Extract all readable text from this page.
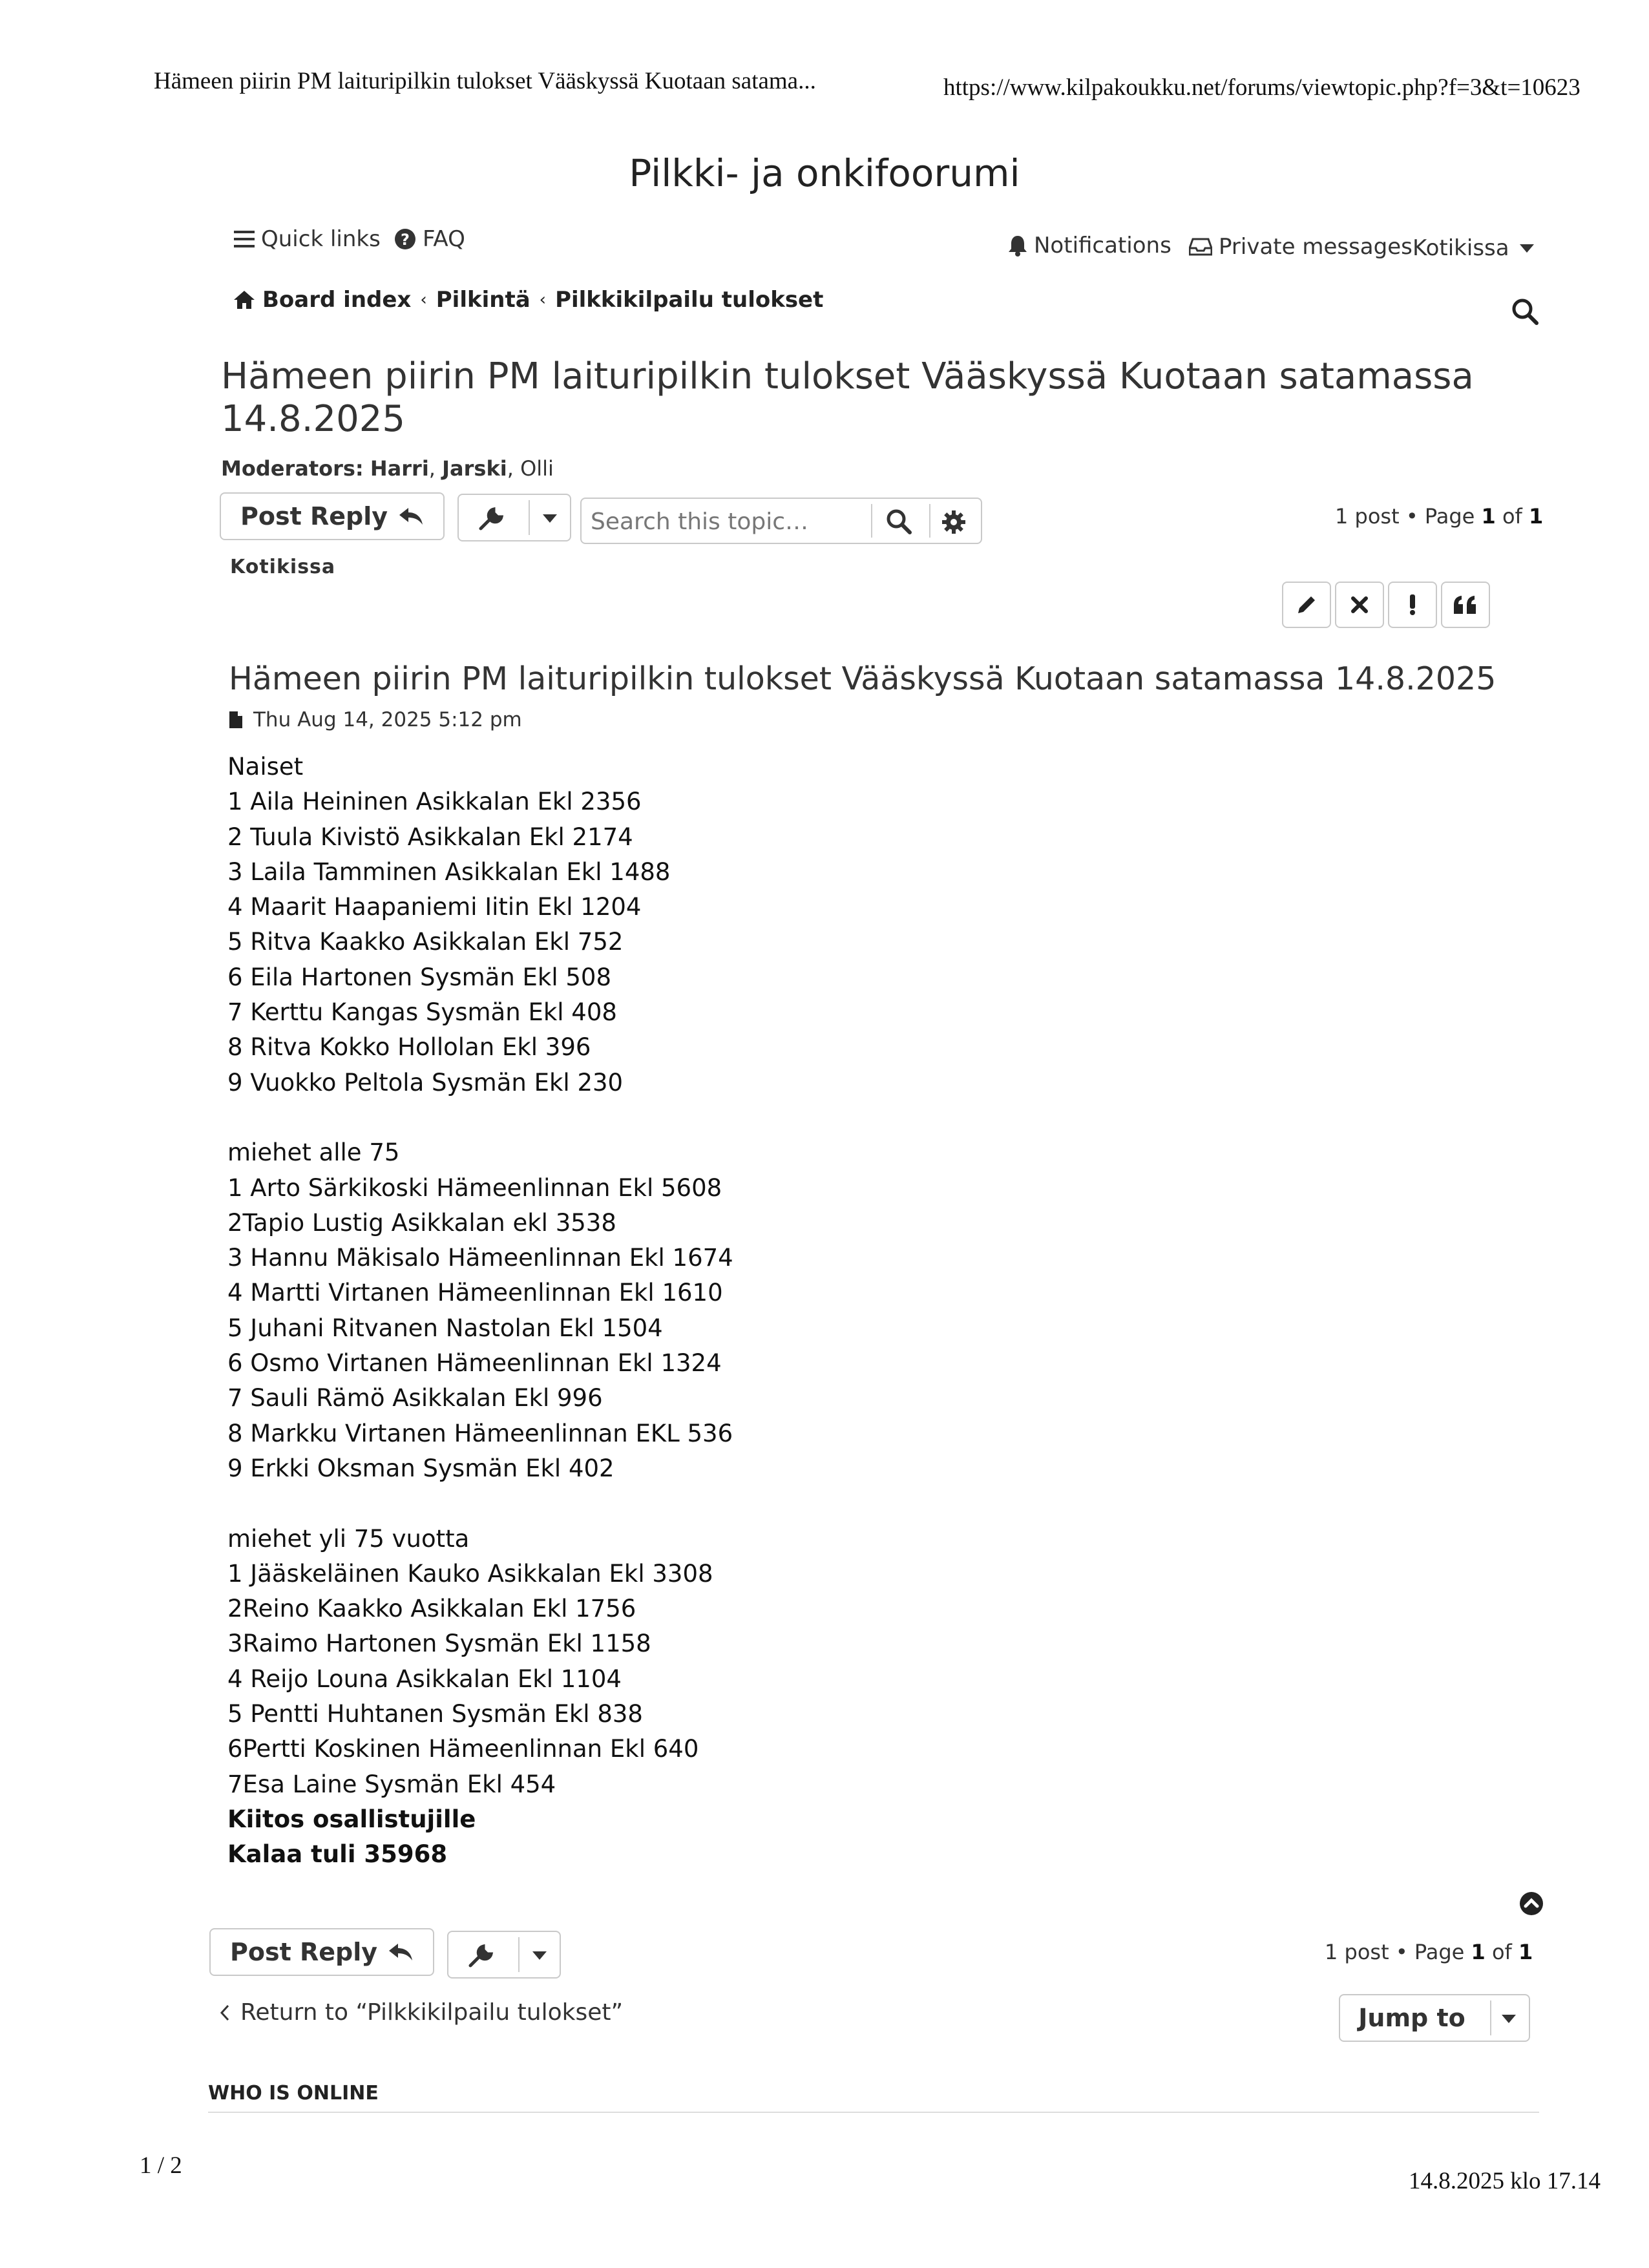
Hämeen piirin PM laituripilkin tulokset Vääskyssä Kuotaan satama...	https://www.kilpakoukku.net/forums/viewtopic.php?f=3&t=10623
1 / 2
14.8.2025 klo 17.14
Pilkki- ja onkifoorumi
Quick links ? FAQ	Notifications Private messages Kotikissa
Board index ‹ Pilkintä ‹ Pilkkikilpailu tulokset
Hämeen piirin PM laituripilkin tulokset Vääskyssä Kuotaan satamassa 14.8.2025
Moderators: Harri, Jarski, Olli
Post Reply
Search this topic…	1 post • Page 1 of 1
Kotikissa
Hämeen piirin PM laituripilkin tulokset Vääskyssä Kuotaan satamassa 14.8.2025
Thu Aug 14, 2025 5:12 pm
Naiset
1 Aila Heininen Asikkalan Ekl 2356
2 Tuula Kivistö Asikkalan Ekl 2174
3 Laila Tamminen Asikkalan Ekl 1488
4 Maarit Haapaniemi Iitin Ekl 1204
5 Ritva Kaakko Asikkalan Ekl 752
6 Eila Hartonen Sysmän Ekl 508
7 Kerttu Kangas Sysmän Ekl 408
8 Ritva Kokko Hollolan Ekl 396
9 Vuokko Peltola Sysmän Ekl 230
miehet alle 75
1 Arto Särkikoski Hämeenlinnan Ekl 5608
2Tapio Lustig Asikkalan ekl 3538
3 Hannu Mäkisalo Hämeenlinnan Ekl 1674
4 Martti Virtanen Hämeenlinnan Ekl 1610
5 Juhani Ritvanen Nastolan Ekl 1504
6 Osmo Virtanen Hämeenlinnan Ekl 1324
7 Sauli Rämö Asikkalan Ekl 996
8 Markku Virtanen Hämeenlinnan EKL 536
9 Erkki Oksman Sysmän Ekl 402
miehet yli 75 vuotta
1 Jääskeläinen Kauko Asikkalan Ekl 3308
2Reino Kaakko Asikkalan Ekl 1756
3Raimo Hartonen Sysmän Ekl 1158
4 Reijo Louna Asikkalan Ekl 1104
5 Pentti Huhtanen Sysmän Ekl 838
6Pertti Koskinen Hämeenlinnan Ekl 640
7Esa Laine Sysmän Ekl 454
Kiitos osallistujille
Kalaa tuli 35968
Post Reply	1 post • Page 1 of 1
Return to “Pilkkikilpailu tulokset”	Jump to
WHO IS ONLINE
